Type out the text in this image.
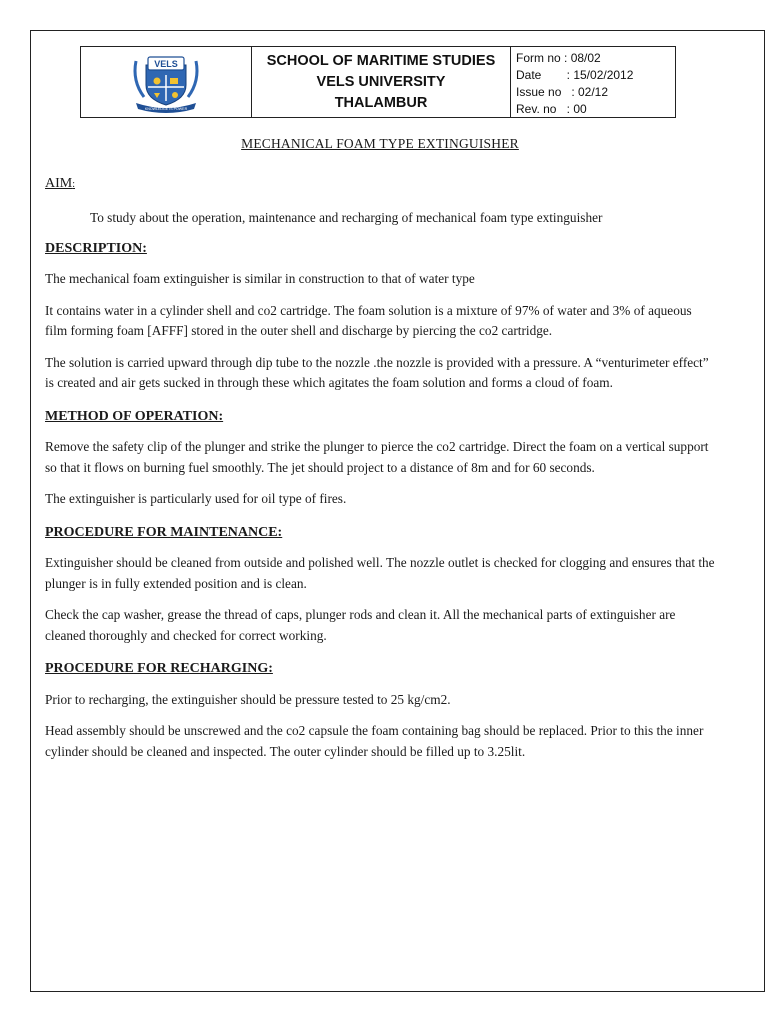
VELS
KNOWLEDGE IS POWER
SCHOOL OF MARITIME STUDIES
VELS UNIVERSITY
THALAMBUR
Form no : 08/02
Date	: 15/02/2012
Issue no : 02/12
Rev. no : 00
MECHANICAL FOAM TYPE EXTINGUISHER
AIM:

To study about the operation, maintenance and recharging of mechanical foam type extinguisher

DESCRIPTION:

The mechanical foam extinguisher is similar in construction to that of water type

It contains water in a cylinder shell and co2 cartridge. The foam solution is a mixture of 97% of water and 3% of aqueous film forming foam [AFFF] stored in the outer shell and discharge by piercing the co2 cartridge.

The solution is carried upward through dip tube to the nozzle .the nozzle is provided with a pressure. A “venturimeter effect” is created and air gets sucked in through these which agitates the foam solution and forms a cloud of foam.

METHOD OF OPERATION:

Remove the safety clip of the plunger and strike the plunger to pierce the co2 cartridge. Direct the foam on a vertical support so that it flows on burning fuel smoothly. The jet should project to a distance of 8m and for 60 seconds.

The extinguisher is particularly used for oil type of fires.

PROCEDURE FOR MAINTENANCE:

Extinguisher should be cleaned from outside and polished well. The nozzle outlet is checked for clogging and ensures that the plunger is in fully extended position and is clean.

Check the cap washer, grease the thread of caps, plunger rods and clean it. All the mechanical parts of extinguisher are cleaned thoroughly and checked for correct working.

PROCEDURE FOR RECHARGING:

Prior to recharging, the extinguisher should be pressure tested to 25 kg/cm2.

Head assembly should be unscrewed and the co2 capsule the foam containing bag should be replaced. Prior to this the inner cylinder should be cleaned and inspected. The outer cylinder should be filled up to 3.25lit.
